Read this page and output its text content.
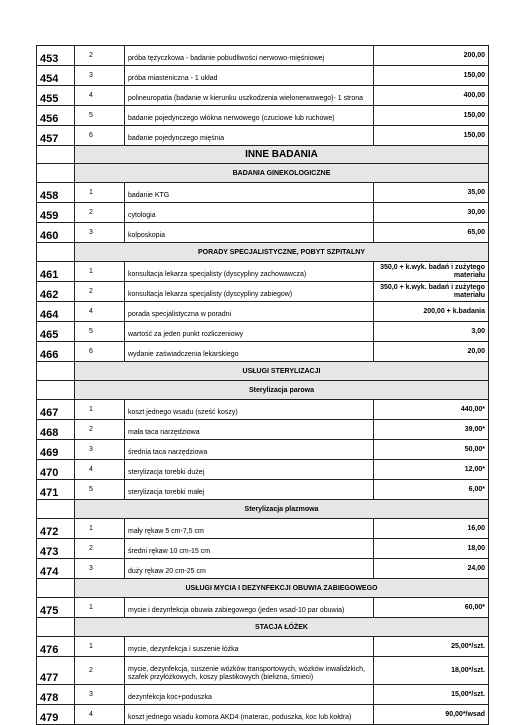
453	2	próba tężyczkowa - badanie pobudliwości nerwowo-mięśniowej	200,00
454	3	próba miasteniczna - 1 układ	150,00
455	4	polineuropatia (badanie w kierunku uszkodzenia wielonerwowego)- 1 strona	400,00
456	5	badanie pojedynczego włókna nerwowego (czuciowe lub ruchowe)	150,00
457	6	badanie pojedynczego mięśnia	150,00
	INNE BADANIA		
	BADANIA GINEKOLOGICZNE		
458	1	badanie KTG	35,00
459	2	cytologia	30,00
460	3	kolposkopia	65,00
	PORADY SPECJALISTYCZNE, POBYT SZPITALNY		
461	1	konsultacja lekarza specjalisty (dyscypliny zachowawcza)	350,0 + k.wyk. badań i zużytego materiału
462	2	konsultacja lekarza specjalisty (dyscypliny zabiegow)	350,0 + k.wyk. badań i zużytego materiału
464	4	porada specjalistyczna w poradni	200,00 + k.badania
465	5	wartość za jeden punkt rozliczeniowy	3,00
466	6	wydanie zaświadczenia lekarskiego	20,00
	USŁUGI STERYLIZACJI		
	Sterylizacja parowa		
467	1	koszt jednego wsadu (sześć koszy)	440,00*
468	2	mała taca narzędziowa	39,00*
469	3	średnia taca narzędziowa	50,00*
470	4	sterylizacja torebki dużej	12,00*
471	5	sterylizacja torebki małej	6,00*
	Sterylizacja plazmowa		
472	1	mały rękaw 5 cm-7,5 cm	16,00
473	2	średni rękaw 10 cm-15 cm	18,00
474	3	duży rękaw 20 cm-25 cm	24,00
	USŁUGI MYCIA I DEZYNFEKCJI OBUWIA ZABIEGOWEGO		
475	1	mycie i dezynfekcja obuwia zabiegowego (jeden wsad-10 par obuwia)	60,00*
	STACJA ŁÓŻEK		
476	1	mycie, dezynfekcja i suszenie łóżka	25,00*/szt.
477	2	mycie, dezynfekcja, suszenie wózków transportowych, wózków inwalidzkich, szafek przyłóżkowych, koszy plastikowych (bielizna, śmieci)	18,00*/szt.
478	3	dezynfekcja koc+poduszka	15,00*/szt.
479	4	koszt jednego wsadu komora AKD4 (materac, poduszka, koc lub kołdra)	90,00*/wsad
